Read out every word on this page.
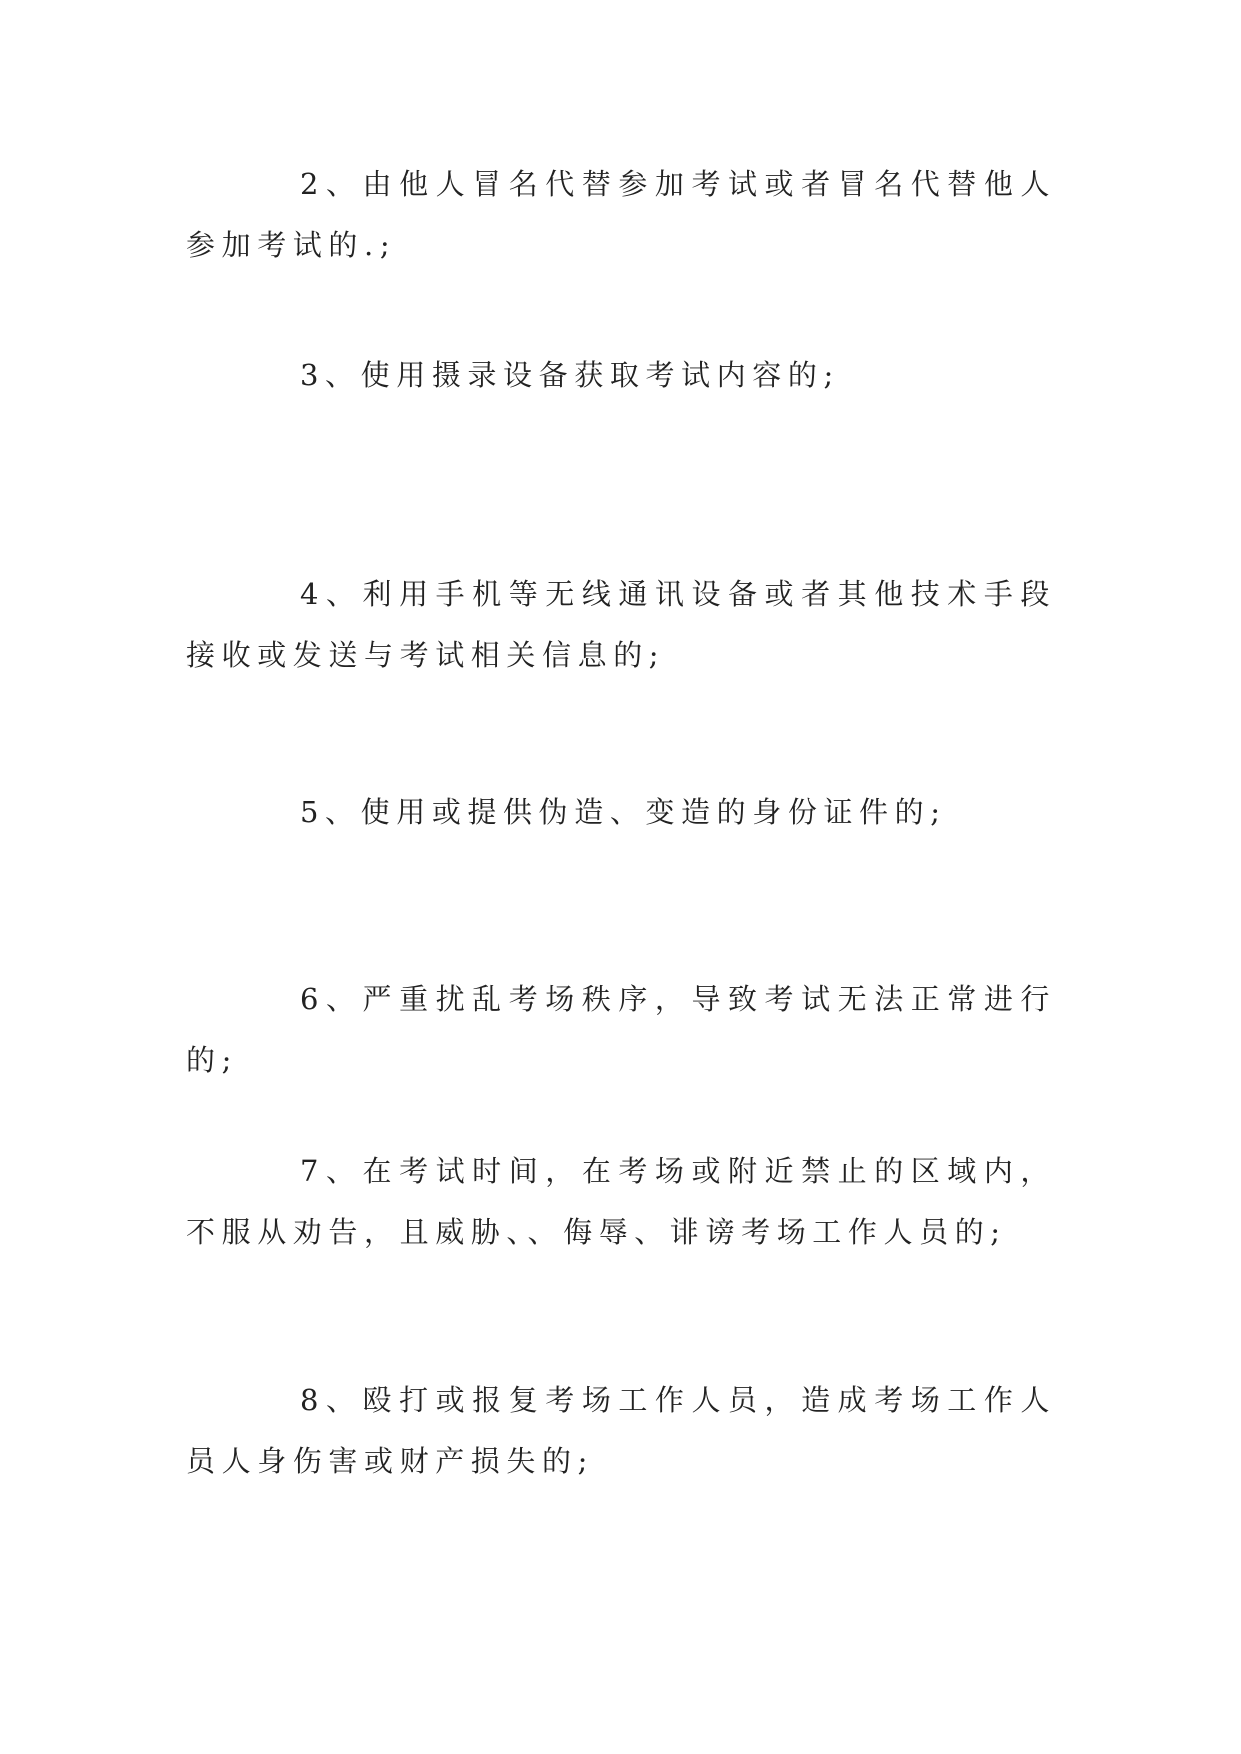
2、由他人冒名代替参加考试或者冒名代替他人参加考试的.;

3、使用摄录设备获取考试内容的;

4、利用手机等无线通讯设备或者其他技术手段接收或发送与考试相关信息的;

5、使用或提供伪造、变造的身份证件的;

6、严重扰乱考场秩序，导致考试无法正常进行的;

7、在考试时间，在考场或附近禁止的区域内，不服从劝告，且威胁、、侮辱、诽谤考场工作人员的;

8、殴打或报复考场工作人员，造成考场工作人员人身伤害或财产损失的;
